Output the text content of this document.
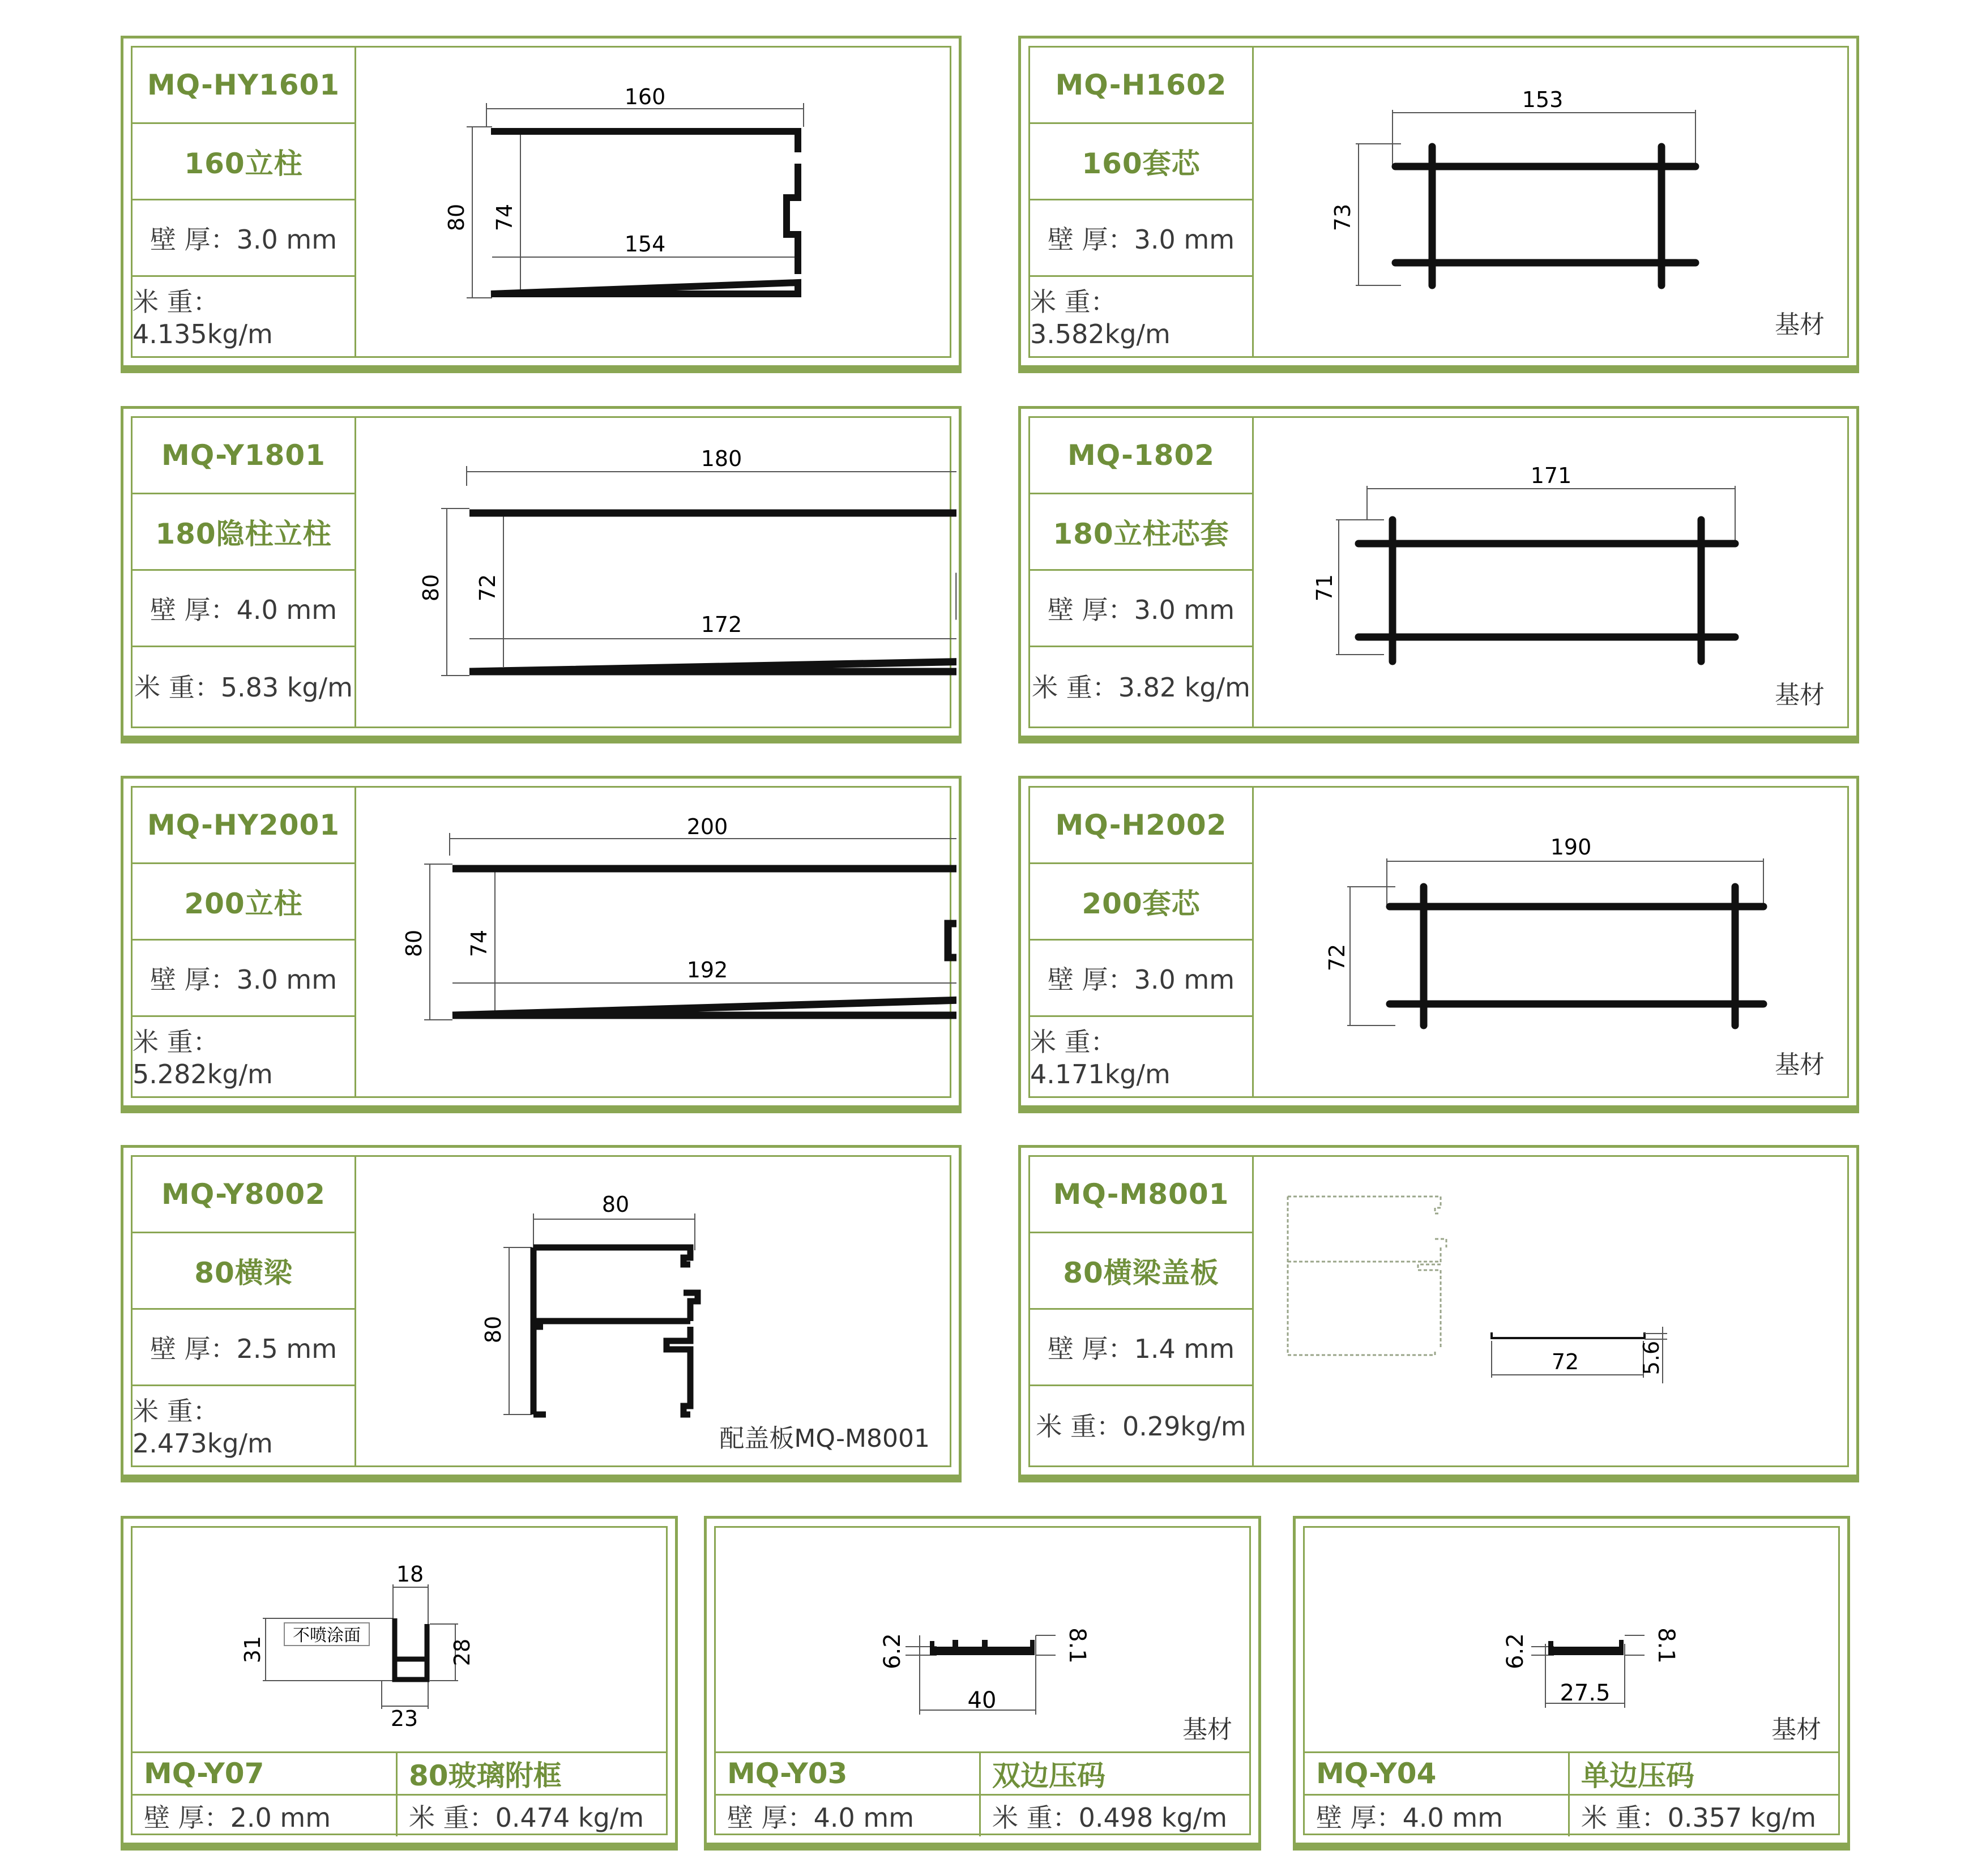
MQ-HY1601
160立柱
壁 厚：3.0 mm
米 重：4.135kg/m
160
80 74
154
MQ-H1602
160套芯
壁 厚：3.0 mm
米 重：3.582kg/m
153
73
基材
MQ-Y1801
180隐柱立柱
壁 厚：4.0 mm
米 重：5.83 kg/m
180
80 72
172
MQ-1802
180立柱芯套
壁 厚：3.0 mm
米 重：3.82 kg/m
171
71
基材
MQ-HY2001
200立柱
壁 厚：3.0 mm
米 重：5.282kg/m
200
80 74
192
MQ-H2002
200套芯
壁 厚：3.0 mm
米 重：4.171kg/m
190
72
基材
MQ-Y8002
80横梁
壁 厚：2.5 mm
米 重：2.473kg/m
80
80
配盖板MQ-M8001
MQ-M8001
80横梁盖板
壁 厚：1.4 mm
米 重：0.29kg/m
72	5.6
18
31	28
23
不喷涂面
MQ-Y07	80玻璃附框
壁 厚：2.0 mm	米 重：0.474 kg/m
6.2	8.1
40
基材
MQ-Y03	双边压码
壁 厚：4.0 mm	米 重：0.498 kg/m
6.2	8.1
27.5
基材
MQ-Y04	单边压码
壁 厚：4.0 mm	米 重：0.357 kg/m
